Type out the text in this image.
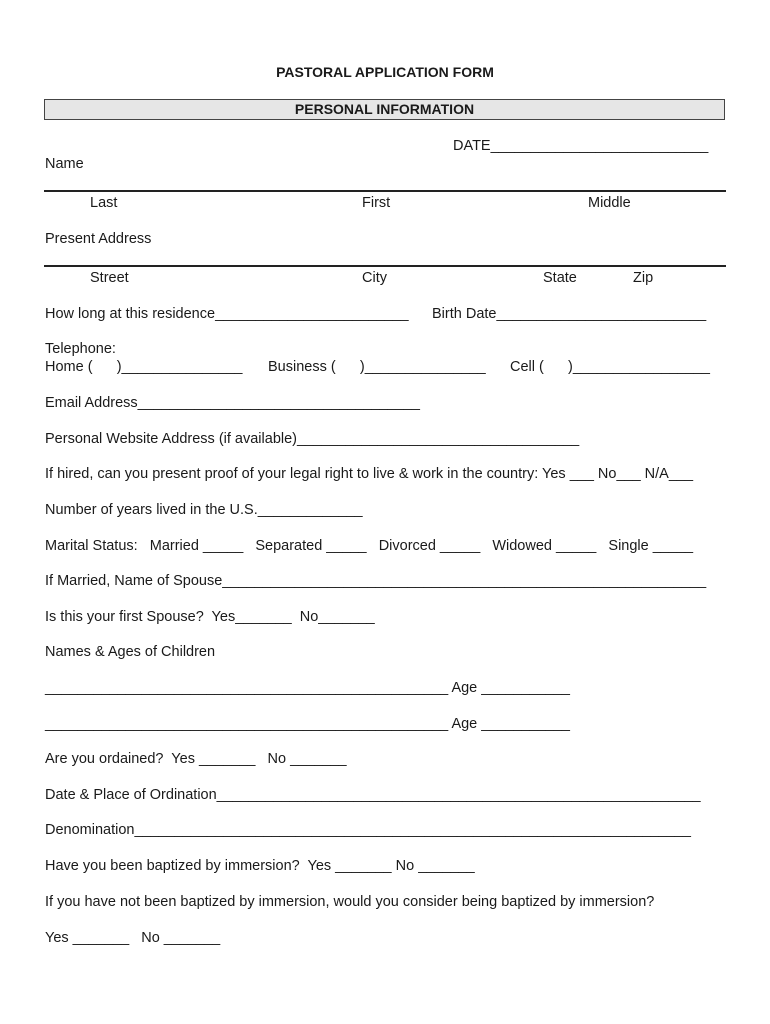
PASTORAL APPLICATION FORM
PERSONAL INFORMATION
DATE___________________________
Name
Last	First	Middle
Present Address
Street	City	State	Zip
How long at this residence________________________ Birth Date__________________________
Telephone:
Home (      )_______________ Business (      )_______________ Cell (      )_________________
Email Address___________________________________
Personal Website Address (if available)___________________________________
If hired, can you present proof of your legal right to live & work in the country: Yes ___ No___ N/A___
Number of years lived in the U.S._____________
Marital Status:   Married _____   Separated _____   Divorced _____   Widowed _____   Single _____
If Married, Name of Spouse____________________________________________________________
Is this your first Spouse?  Yes_______  No_______
Names & Ages of Children
__________________________________________________ Age ___________
__________________________________________________ Age ___________
Are you ordained?  Yes _______   No _______
Date & Place of Ordination____________________________________________________________
Denomination_____________________________________________________________________
Have you been baptized by immersion?  Yes _______ No _______
If you have not been baptized by immersion, would you consider being baptized by immersion?
Yes _______   No _______
